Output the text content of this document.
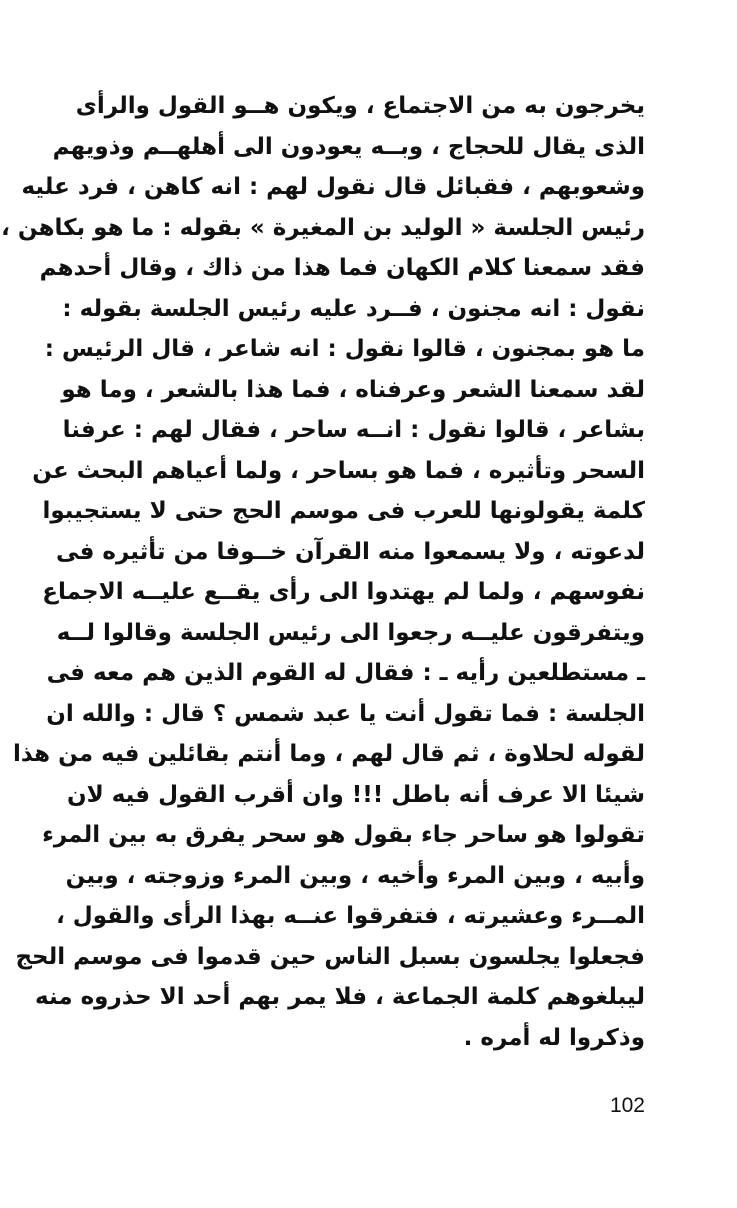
يخرجون به من الاجتماع ، ويكون هــو القول والرأى
الذى يقال للحجاج ، وبــه يعودون الى أهلهــم وذويهم
وشعوبهم ، فقبائل قال نقول لهم : انه كاهن ، فرد عليه
رئيس الجلسة « الوليد بن المغيرة » بقوله : ما هو بكاهن ،
فقد سمعنا كلام الكهان فما هذا من ذاك ، وقال أحدهم
نقول : انه مجنون ، فــرد عليه رئيس الجلسة بقوله :
ما هو بمجنون ، قالوا نقول : انه شاعر ، قال الرئيس :
لقد سمعنا الشعر وعرفناه ، فما هذا بالشعر ، وما هو
بشاعر ، قالوا نقول : انــه ساحر ، فقال لهم : عرفنا
السحر وتأثيره ، فما هو بساحر ، ولما أعياهم البحث عن
كلمة يقولونها للعرب فى موسم الحج حتى لا يستجيبوا
لدعوته ، ولا يسمعوا منه القرآن خــوفا من تأثيره فى
نفوسهم ، ولما لم يهتدوا الى رأى يقــع عليــه الاجماع
ويتفرقون عليــه رجعوا الى رئيس الجلسة وقالوا لــه
ـ مستطلعين رأيه ـ : فقال له القوم الذين هم معه فى
الجلسة : فما تقول أنت يا عبد شمس ؟ قال : والله ان
لقوله لحلاوة ، ثم قال لهم ، وما أنتم بقائلين فيه من هذا
شيئا الا عرف أنه باطل !!! وان أقرب القول فيه لان
تقولوا هو ساحر جاء بقول هو سحر يفرق به بين المرء
وأبيه ، وبين المرء وأخيه ، وبين المرء وزوجته ، وبين
المــرء وعشيرته ، فتفرقوا عنــه بهذا الرأى والقول ،
فجعلوا يجلسون بسبل الناس حين قدموا فى موسم الحج
ليبلغوهم كلمة الجماعة ، فلا يمر بهم أحد الا حذروه منه
وذكروا له أمره .
102
